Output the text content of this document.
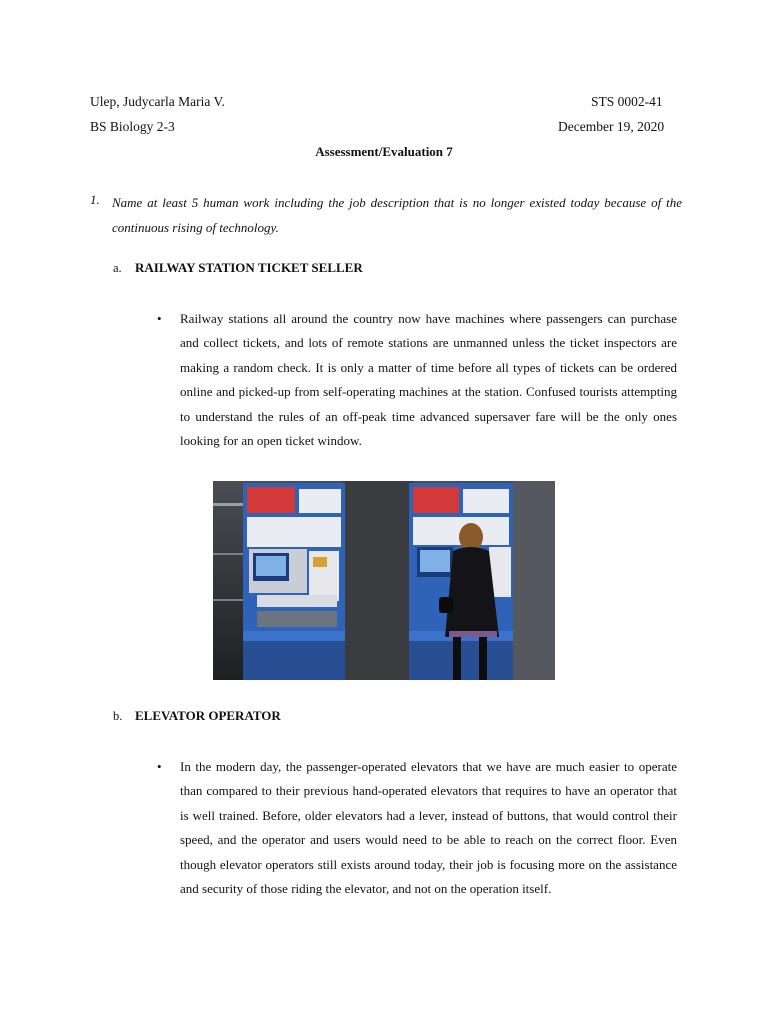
Ulep, Judycarla Maria V.	STS 0002-41
BS Biology 2-3	December 19, 2020
Assessment/Evaluation 7
1. Name at least 5 human work including the job description that is no longer existed today because of the continuous rising of technology.
a. RAILWAY STATION TICKET SELLER
• Railway stations all around the country now have machines where passengers can purchase and collect tickets, and lots of remote stations are unmanned unless the ticket inspectors are making a random check. It is only a matter of time before all types of tickets can be ordered online and picked-up from self-operating machines at the station. Confused tourists attempting to understand the rules of an off-peak time advanced supersaver fare will be the only ones looking for an open ticket window.
b. ELEVATOR OPERATOR
• In the modern day, the passenger-operated elevators that we have are much easier to operate than compared to their previous hand-operated elevators that requires to have an operator that is well trained. Before, older elevators had a lever, instead of buttons, that would control their speed, and the operator and users would need to be able to reach on the correct floor. Even though elevator operators still exists around today, their job is focusing more on the assistance and security of those riding the elevator, and not on the operation itself.
